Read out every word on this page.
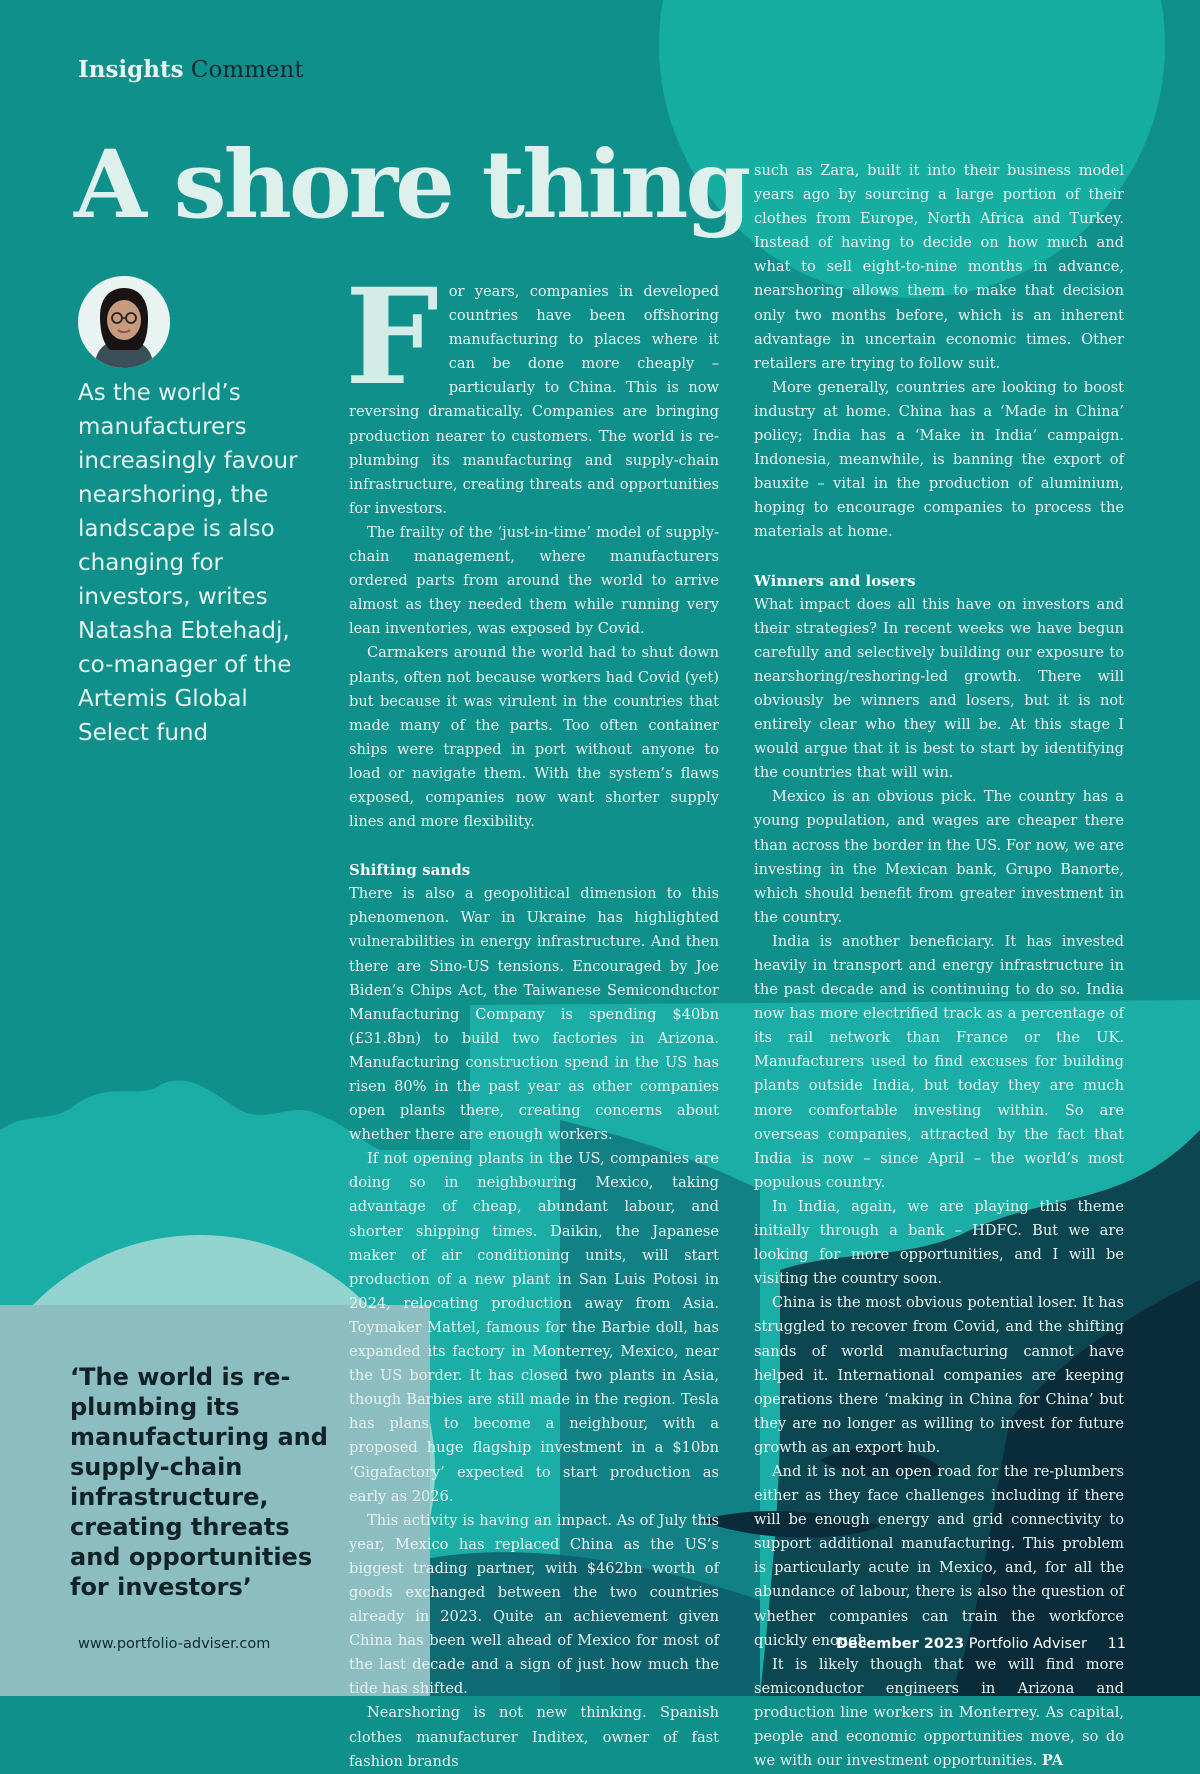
Insights Comment
A shore thing
As the world’s manufacturers increasingly favour nearshoring, the landscape is also changing for investors, writes Natasha Ebtehadj, co-manager of the Artemis Global Select fund
F or years, companies in developed countries have been offshoring manufacturing to places where it can be done more cheaply – particularly to China. This is now reversing dramatically. Companies are bringing production nearer to customers. The world is re-plumbing its manufacturing and supply-chain infrastructure, creating threats and opportunities for investors.

The frailty of the ‘just-in-time’ model of supply-chain management, where manufacturers ordered parts from around the world to arrive almost as they needed them while running very lean inventories, was exposed by Covid.

Carmakers around the world had to shut down plants, often not because workers had Covid (yet) but because it was virulent in the countries that made many of the parts. Too often container ships were trapped in port without anyone to load or navigate them. With the system’s flaws exposed, companies now want shorter supply lines and more flexibility.

Shifting sands

There is also a geopolitical dimension to this phenomenon. War in Ukraine has highlighted vulnerabilities in energy infrastructure. And then there are Sino-US tensions. Encouraged by Joe Biden’s Chips Act, the Taiwanese Semiconductor Manufacturing Company is spending $40bn (£31.8bn) to build two factories in Arizona. Manufacturing construction spend in the US has risen 80% in the past year as other companies open plants there, creating concerns about whether there are enough workers.

If not opening plants in the US, companies are doing so in neighbouring Mexico, taking advantage of cheap, abundant labour, and shorter shipping times. Daikin, the Japanese maker of air conditioning units, will start production of a new plant in San Luis Potosi in 2024, relocating production away from Asia. Toymaker Mattel, famous for the Barbie doll, has expanded its factory in Monterrey, Mexico, near the US border. It has closed two plants in Asia, though Barbies are still made in the region. Tesla has plans to become a neighbour, with a proposed huge flagship investment in a $10bn ‘Gigafactory’ expected to start production as early as 2026.

This activity is having an impact. As of July this year, Mexico has replaced China as the US’s biggest trading partner, with $462bn worth of goods exchanged between the two countries already in 2023. Quite an achievement given China has been well ahead of Mexico for most of the last decade and a sign of just how much the tide has shifted.

Nearshoring is not new thinking. Spanish clothes manufacturer Inditex, owner of fast fashion brands

such as Zara, built it into their business model years ago by sourcing a large portion of their clothes from Europe, North Africa and Turkey. Instead of having to decide on how much and what to sell eight-to-nine months in advance, nearshoring allows them to make that decision only two months before, which is an inherent advantage in uncertain economic times. Other retailers are trying to follow suit.

More generally, countries are looking to boost industry at home. China has a ‘Made in China’ policy; India has a ‘Make in India’ campaign. Indonesia, meanwhile, is banning the export of bauxite – vital in the production of aluminium, hoping to encourage companies to process the materials at home.

Winners and losers

What impact does all this have on investors and their strategies? In recent weeks we have begun carefully and selectively building our exposure to nearshoring/reshoring-led growth. There will obviously be winners and losers, but it is not entirely clear who they will be. At this stage I would argue that it is best to start by identifying the countries that will win.

Mexico is an obvious pick. The country has a young population, and wages are cheaper there than across the border in the US. For now, we are investing in the Mexican bank, Grupo Banorte, which should benefit from greater investment in the country.

India is another beneficiary. It has invested heavily in transport and energy infrastructure in the past decade and is continuing to do so. India now has more electrified track as a percentage of its rail network than France or the UK. Manufacturers used to find excuses for building plants outside India, but today they are much more comfortable investing within. So are overseas companies, attracted by the fact that India is now – since April – the world’s most populous country.

In India, again, we are playing this theme initially through a bank – HDFC. But we are looking for more opportunities, and I will be visiting the country soon.

China is the most obvious potential loser. It has struggled to recover from Covid, and the shifting sands of world manufacturing cannot have helped it. International companies are keeping operations there ‘making in China for China’ but they are no longer as willing to invest for future growth as an export hub.

And it is not an open road for the re-plumbers either as they face challenges including if there will be enough energy and grid connectivity to support additional manufacturing. This problem is particularly acute in Mexico, and, for all the abundance of labour, there is also the question of whether companies can train the workforce quickly enough.

It is likely though that we will find more semiconductor engineers in Arizona and production line workers in Monterrey. As capital, people and economic opportunities move, so do we with our investment opportunities. PA

‘The world is re-plumbing its manufacturing and supply-chain infrastructure, creating threats and opportunities for investors’
www.portfolio-adviser.com	December 2023 Portfolio Adviser 11
